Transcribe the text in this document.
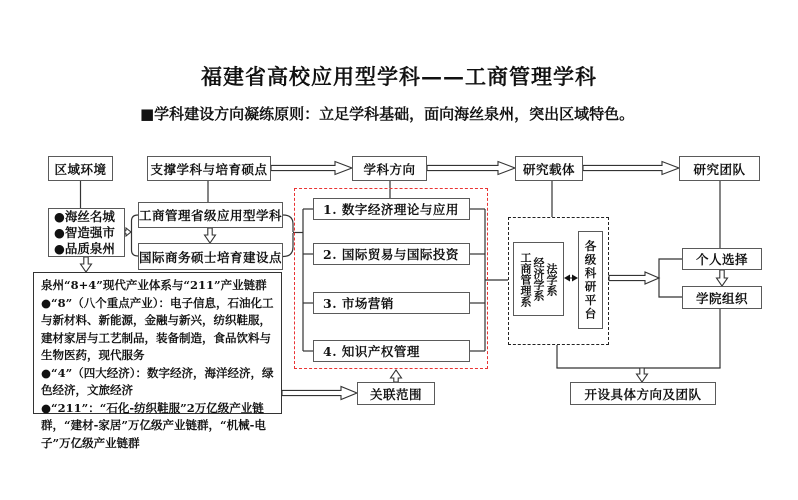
福建省高校应用型学科——工商管理学科
■学科建设方向凝练原则：立足学科基础，面向海丝泉州，突出区域特色。
区域环境	支撑学科与培育硕点	学科方向	研究载体	研究团队
●海丝名城
●智造强市
●品质泉州

泉州“8+4”现代产业体系与“211”产业链群

●“8”（八个重点产业）：电子信息，石油化工与新材料、新能源，金融与新兴，纺织鞋服，建材家居与工艺制品，装备制造，食品饮料与生物医药，现代服务

●“4”（四大经济）：数字经济，海洋经济，绿色经济，文旅经济

●“211”：“石化-纺织鞋服”2万亿级产业链群，“建材-家居”万亿级产业链群，“机械-电子”万亿级产业链群

工商管理省级应用型学科
国际商务硕士培育建设点
1. 数字经济理论与应用
2. 国际贸易与国际投资
3. 市场营销
4. 知识产权管理
关联范围
工商管理系 经济学系 法学系	各级科研平台	个人选择
学院组织
开设具体方向及团队
